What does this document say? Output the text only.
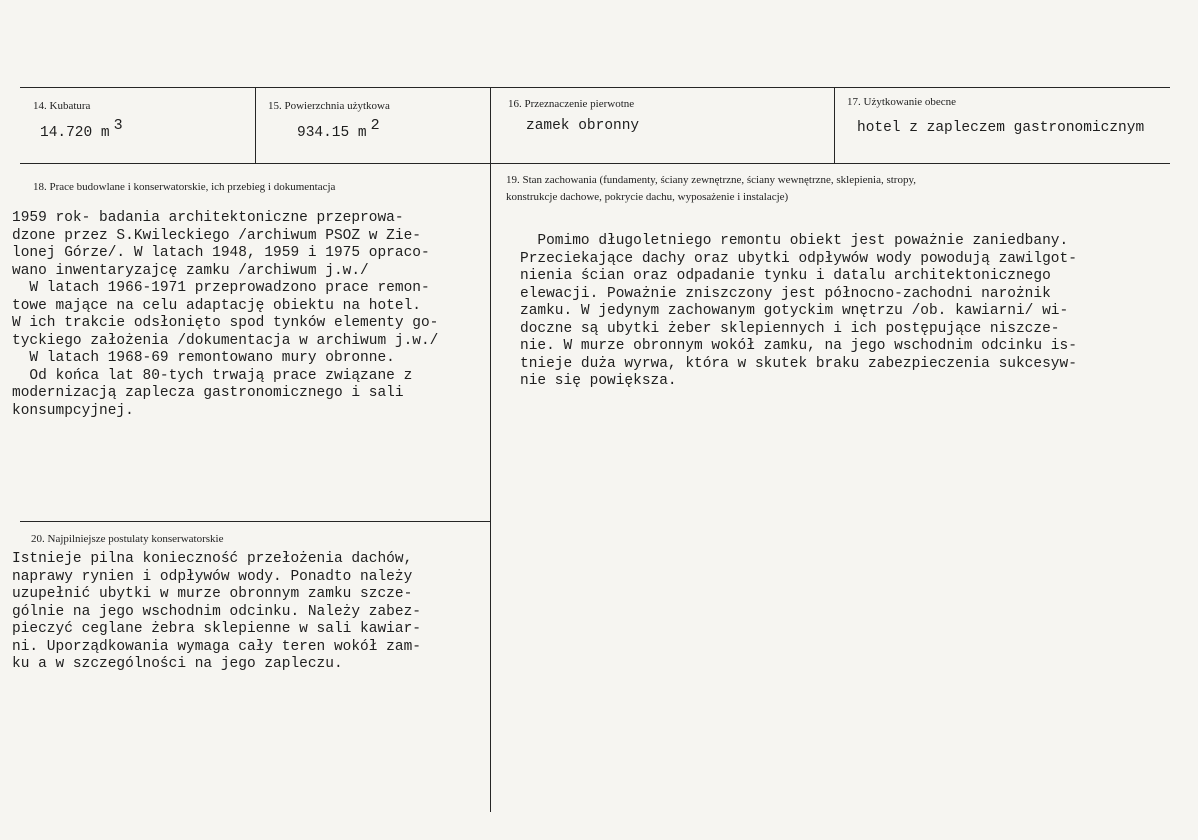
14. Kubatura
14.720 m 3
15. Powierzchnia użytkowa
934.15 m 2
16. Przeznaczenie pierwotne
zamek obronny
17. Użytkowanie obecne
hotel z zapleczem gastronomicznym
18. Prace budowlane i konserwatorskie, ich przebieg i dokumentacja
1959 rok- badania architektoniczne przeprowa-
dzone przez S.Kwileckiego /archiwum PSOZ w Zie-
lonej Górze/. W latach 1948, 1959 i 1975 opraco-
wano inwentaryzajcę zamku /archiwum j.w./
W latach 1966-1971 przeprowadzono prace remon-
towe mające na celu adaptację obiektu na hotel.
W ich trakcie odsłonięto spod tynków elementy go-
tyckiego założenia /dokumentacja w archiwum j.w./
W latach 1968-69 remontowano mury obronne.
Od końca lat 80-tych trwają prace związane z
modernizacją zaplecza gastronomicznego i sali
konsumpcyjnej.
19. Stan zachowania (fundamenty, ściany zewnętrzne, ściany wewnętrzne, sklepienia, stropy,
konstrukcje dachowe, pokrycie dachu, wyposażenie i instalacje)
Pomimo długoletniego remontu obiekt jest poważnie zaniedbany.
Przeciekające dachy oraz ubytki odpływów wody powodują zawilgot-
nienia ścian oraz odpadanie tynku i datalu architektonicznego
elewacji. Poważnie zniszczony jest północno-zachodni narożnik
zamku. W jedynym zachowanym gotyckim wnętrzu /ob. kawiarni/ wi-
doczne są ubytki żeber sklepiennych i ich postępujące niszcze-
nie. W murze obronnym wokół zamku, na jego wschodnim odcinku is-
tnieje duża wyrwa, która w skutek braku zabezpieczenia sukcesyw-
nie się powiększa.
20. Najpilniejsze postulaty konserwatorskie
Istnieje pilna konieczność przełożenia dachów,
naprawy rynien i odpływów wody. Ponadto należy
uzupełnić ubytki w murze obronnym zamku szcze-
gólnie na jego wschodnim odcinku. Należy zabez-
pieczyć ceglane żebra sklepienne w sali kawiar-
ni. Uporządkowania wymaga cały teren wokół zam-
ku a w szczególności na jego zapleczu.
